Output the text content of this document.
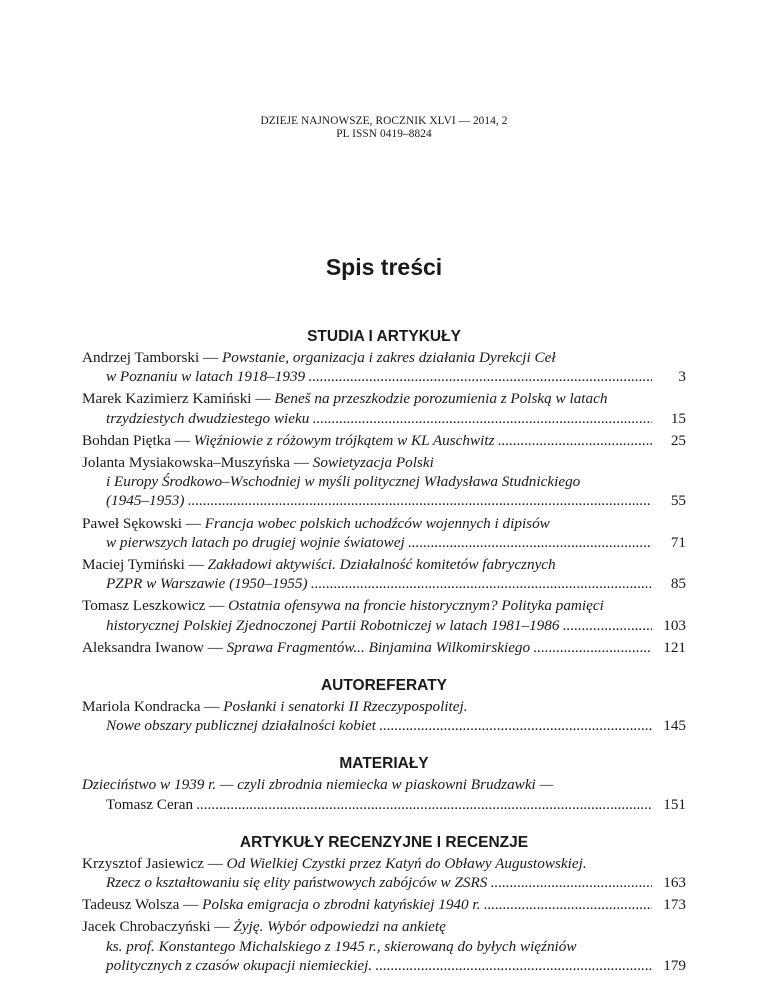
DZIEJE NAJNOWSZE, ROCZNIK XLVI — 2014, 2
PL ISSN 0419–8824
Spis treści
STUDIA I ARTYKUŁY
Andrzej Tamborski — Powstanie, organizacja i zakres działania Dyrekcji Ceł
w Poznaniu w latach 1918–1939 .....	3
Marek Kazimierz Kamiński — Beneš na przeszkodzie porozumienia z Polską w latach
trzydziestych dwudziestego wieku .....	15
Bohdan Piętka — Więźniowie z różowym trójkątem w KL Auschwitz .....	25
Jolanta Mysiakowska–Muszyńska — Sowietyzacja Polski
i Europy Środkowo–Wschodniej w myśli politycznej Władysława Studnickiego
(1945–1953) .....	55
Paweł Sękowski — Francja wobec polskich uchodźców wojennych i dipisów
w pierwszych latach po drugiej wojnie światowej .....	71
Maciej Tymiński — Zakładowi aktywiści. Działalność komitetów fabrycznych
PZPR w Warszawie (1950–1955) .....	85
Tomasz Leszkowicz — Ostatnia ofensywa na froncie historycznym? Polityka pamięci
historycznej Polskiej Zjednoczonej Partii Robotniczej w latach 1981–1986 .....	103
Aleksandra Iwanow — Sprawa Fragmentów... Binjamina Wilkomirskiego .....	121
AUTOREFERATY
Mariola Kondracka — Posłanki i senatorki II Rzeczypospolitej.
Nowe obszary publicznej działalności kobiet .....	145
MATERIAŁY
Dzieciństwo w 1939 r. — czyli zbrodnia niemiecka w piaskowni Brudzawki —
Tomasz Ceran .....	151
ARTYKUŁY RECENZYJNE I RECENZJE
Krzysztof Jasiewicz — Od Wielkiej Czystki przez Katyń do Obławy Augustowskiej.
Rzecz o kształtowaniu się elity państwowych zabójców w ZSRS .....	163
Tadeusz Wolsza — Polska emigracja o zbrodni katyńskiej 1940 r. .....	173
Jacek Chrobaczyński — Żyję. Wybór odpowiedzi na ankietę
ks. prof. Konstantego Michalskiego z 1945 r., skierowaną do byłych więźniów
politycznych z czasów okupacji niemieckiej. .....	179
